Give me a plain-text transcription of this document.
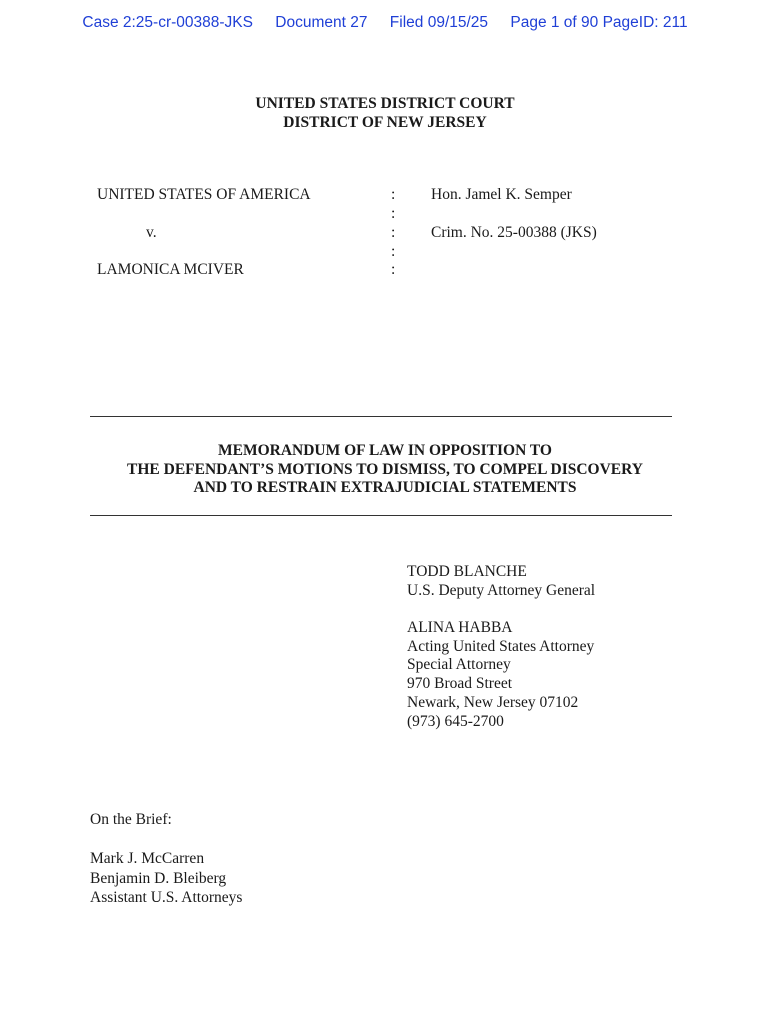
Case 2:25-cr-00388-JKS Document 27 Filed 09/15/25 Page 1 of 90 PageID: 211
UNITED STATES DISTRICT COURT
DISTRICT OF NEW JERSEY
UNITED STATES OF AMERICA
v.
LAMONICA MCIVER
:
:
:
:
:
Hon. Jamel K. Semper
Crim. No. 25-00388 (JKS)
MEMORANDUM OF LAW IN OPPOSITION TO
THE DEFENDANT’S MOTIONS TO DISMISS, TO COMPEL DISCOVERY
AND TO RESTRAIN EXTRAJUDICIAL STATEMENTS
TODD BLANCHE
U.S. Deputy Attorney General
ALINA HABBA
Acting United States Attorney
Special Attorney
970 Broad Street
Newark, New Jersey 07102
(973) 645-2700
On the Brief:
Mark J. McCarren
Benjamin D. Bleiberg
Assistant U.S. Attorneys
